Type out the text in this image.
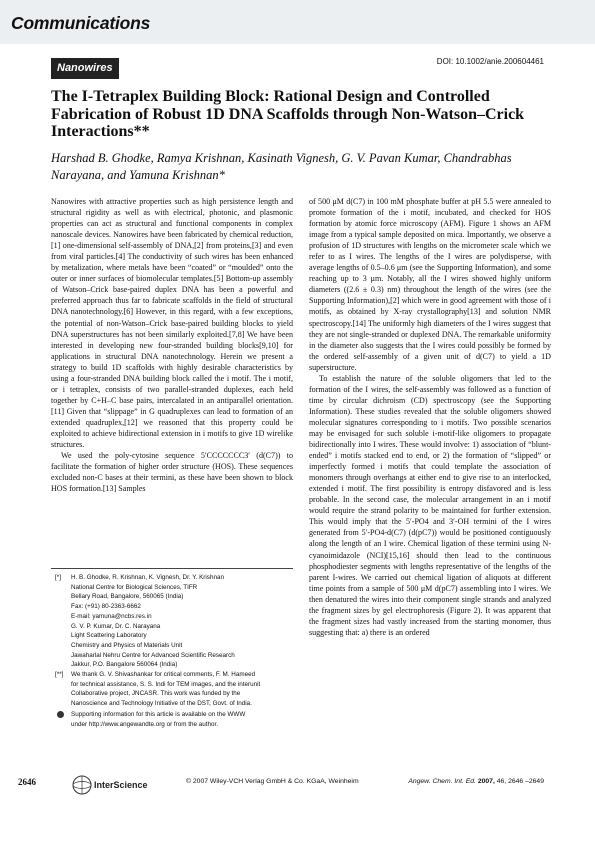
Communications
Nanowires
DOI: 10.1002/anie.200604461
The I-Tetraplex Building Block: Rational Design and Controlled Fabrication of Robust 1D DNA Scaffolds through Non-Watson–Crick Interactions**

Harshad B. Ghodke, Ramya Krishnan, Kasinath Vignesh, G. V. Pavan Kumar, Chandrabhas Narayana, and Yamuna Krishnan*

Nanowires with attractive properties such as high persistence length and structural rigidity as well as with electrical, photonic, and plasmonic properties can act as structural and functional components in complex nanoscale devices. Nanowires have been fabricated by chemical reduction,[1] one-dimensional self-assembly of DNA,[2] from proteins,[3] and even from viral particles.[4] The conductivity of such wires has been enhanced by metalization, where metals have been “coated” or “moulded” onto the outer or inner surfaces of biomolecular templates.[5] Bottom-up assembly of Watson–Crick base-paired duplex DNA has been a powerful and preferred approach thus far to fabricate scaffolds in the field of structural DNA nanotechnology.[6] However, in this regard, with a few exceptions, the potential of non-Watson–Crick base-paired building blocks to yield DNA superstructures has not been similarly exploited.[7,8] We have been interested in developing new four-stranded building blocks[9,10] for applications in structural DNA nanotechnology. Herein we present a strategy to build 1D scaffolds with highly desirable characteristics by using a four-stranded DNA building block called the i motif. The i motif, or i tetraplex, consists of two parallel-stranded duplexes, each held together by C+H–C base pairs, intercalated in an antiparallel orientation.[11] Given that “slippage” in G quadruplexes can lead to formation of an extended quadruplex,[12] we reasoned that this property could be exploited to achieve bidirectional extension in i motifs to give 1D wirelike structures.

We used the poly-cytosine sequence 5′CCCCCCC3′ (d(C7)) to facilitate the formation of higher order structure (HOS). These sequences excluded non-C bases at their termini, as these have been shown to block HOS formation.[13] Samples

of 500 μM d(C7) in 100 mM phosphate buffer at pH 5.5 were annealed to promote formation of the i motif, incubated, and checked for HOS formation by atomic force microscopy (AFM). Figure 1 shows an AFM image from a typical sample deposited on mica. Importantly, we observe a profusion of 1D structures with lengths on the micrometer scale which we refer to as I wires. The lengths of the I wires are polydisperse, with average lengths of 0.5–0.6 μm (see the Supporting Information), and some reaching up to 3 μm. Notably, all the I wires showed highly uniform diameters ((2.6 ± 0.3) nm) throughout the length of the wires (see the Supporting Information),[2] which were in good agreement with those of i motifs, as obtained by X-ray crystallography[13] and solution NMR spectroscopy.[14] The uniformly high diameters of the I wires suggest that they are not single-stranded or duplexed DNA. The remarkable uniformity in the diameter also suggests that the I wires could possibly be formed by the ordered self-assembly of a given unit of d(C7) to yield a 1D superstructure.

To establish the nature of the soluble oligomers that led to the formation of the I wires, the self-assembly was followed as a function of time by circular dichroism (CD) spectroscopy (see the Supporting Information). These studies revealed that the soluble oligomers showed molecular signatures corresponding to i motifs. Two possible scenarios may be envisaged for such soluble i-motif-like oligomers to propagate bidirectionally into I wires. These would involve: 1) association of “blunt-ended” i motifs stacked end to end, or 2) the formation of “slipped” or imperfectly formed i motifs that could template the association of monomers through overhangs at either end to give rise to an interlocked, extended i motif. The first possibility is entropy disfavored and is less probable. In the second case, the molecular arrangement in an i motif would require the strand polarity to be maintained for further extension. This would imply that the 5′-PO4 and 3′-OH termini of the I wires generated from 5′-PO4-d(C7) (d(pC7)) would be positioned contiguously along the length of an I wire. Chemical ligation of these termini using N-cyanoimidazole (NCI)[15,16] should then lead to the continuous phosphodiester segments with lengths representative of the lengths of the parent I-wires. We carried out chemical ligation of aliquots at different time points from a sample of 500 μM d(pC7) assembling into I wires. We then denatured the wires into their component single strands and analyzed the fragment sizes by gel electrophoresis (Figure 2). It was apparent that the fragment sizes had vastly increased from the starting monomer, thus suggesting that: a) there is an ordered

[*] H. B. Ghodke, R. Krishnan, K. Vignesh, Dr. Y. Krishnan
National Centre for Biological Sciences, TIFR
Bellary Road, Bangalore, 560065 (India)
Fax: (+91) 80-2363-6662
E-mail: yamuna@ncbs.res.in
G. V. P. Kumar, Dr. C. Narayana
Light Scattering Laboratory
Chemistry and Physics of Materials Unit
Jawaharlal Nehru Centre for Advanced Scientific Research
Jakkur, P.O. Bangalore 560064 (India)
[**] We thank G. V. Shivashankar for critical comments, F. M. Hameed
for technical assistance, S. S. Indi for TEM images, and the interunit
Collaborative project, JNCASR. This work was funded by the
Nanoscience and Technology Initiative of the DST, Govt. of India.
Supporting information for this article is available on the WWW
under http://www.angewandte.org or from the author.
2646	InterScience	© 2007 Wiley-VCH Verlag GmbH & Co. KGaA, Weinheim	Angew. Chem. Int. Ed. 2007, 46, 2646 –2649
